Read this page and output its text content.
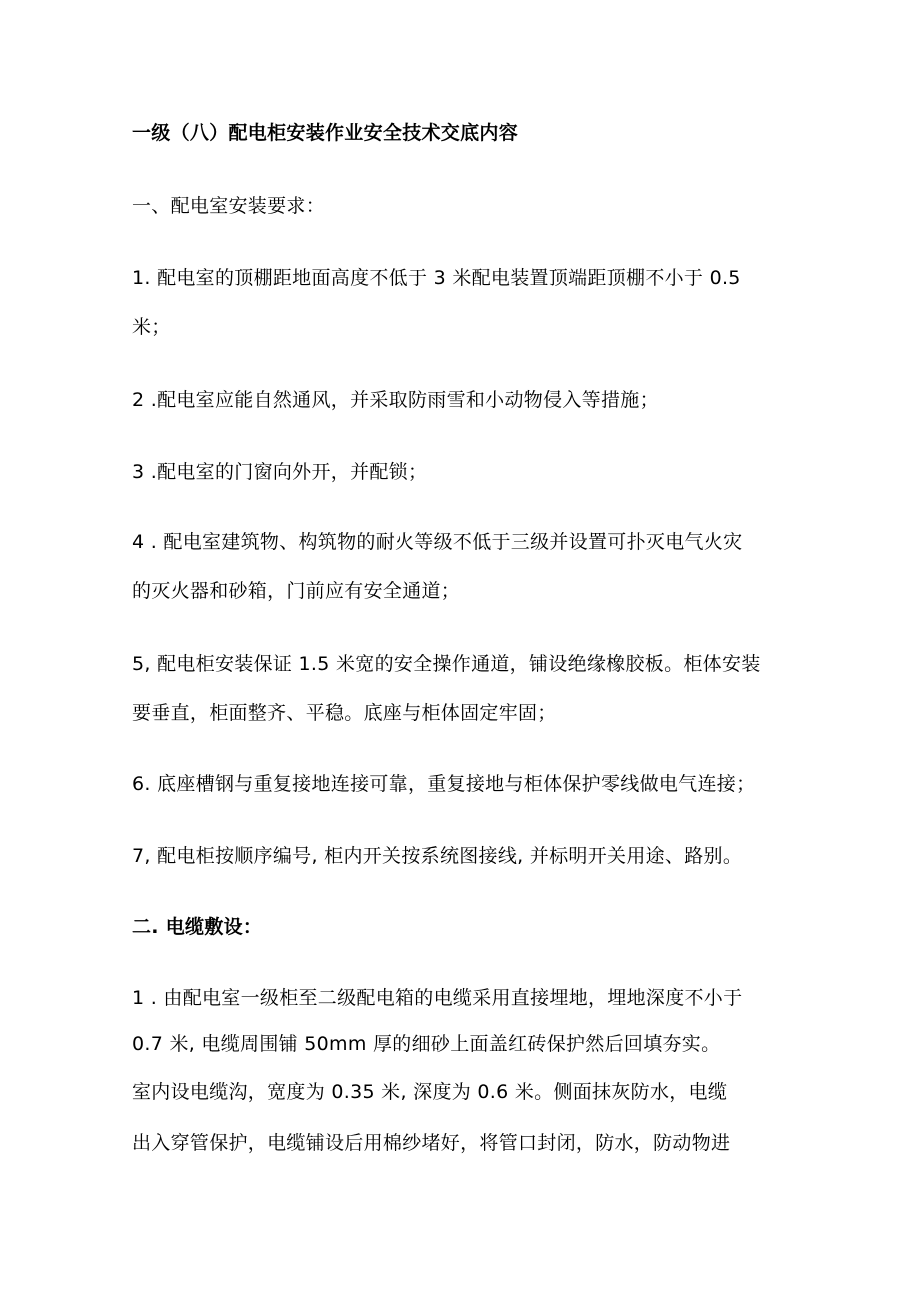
一级（八）配电柜安装作业安全技术交底内容
一、配电室安装要求：
1. 配电室的顶棚距地面高度不低于 3 米配电装置顶端距顶棚不小于 0.5
米；
2 .配电室应能自然通风，并采取防雨雪和小动物侵入等措施；
3 .配电室的门窗向外开，并配锁；
4 . 配电室建筑物、构筑物的耐火等级不低于三级并设置可扑灭电气火灾
的灭火器和砂箱，门前应有安全通道；
5, 配电柜安装保证 1.5 米宽的安全操作通道，铺设绝缘橡胶板。柜体安装
要垂直，柜面整齐、平稳。底座与柜体固定牢固；
6. 底座槽钢与重复接地连接可靠，重复接地与柜体保护零线做电气连接；
7, 配电柜按顺序编号, 柜内开关按系统图接线, 并标明开关用途、路别。
二. 电缆敷设：
1 . 由配电室一级柜至二级配电箱的电缆采用直接埋地，埋地深度不小于
0.7 米, 电缆周围铺 50mm 厚的细砂上面盖红砖保护然后回填夯实。
室内设电缆沟，宽度为 0.35 米, 深度为 0.6 米。侧面抹灰防水，电缆
出入穿管保护，电缆铺设后用棉纱堵好，将管口封闭，防水，防动物进
